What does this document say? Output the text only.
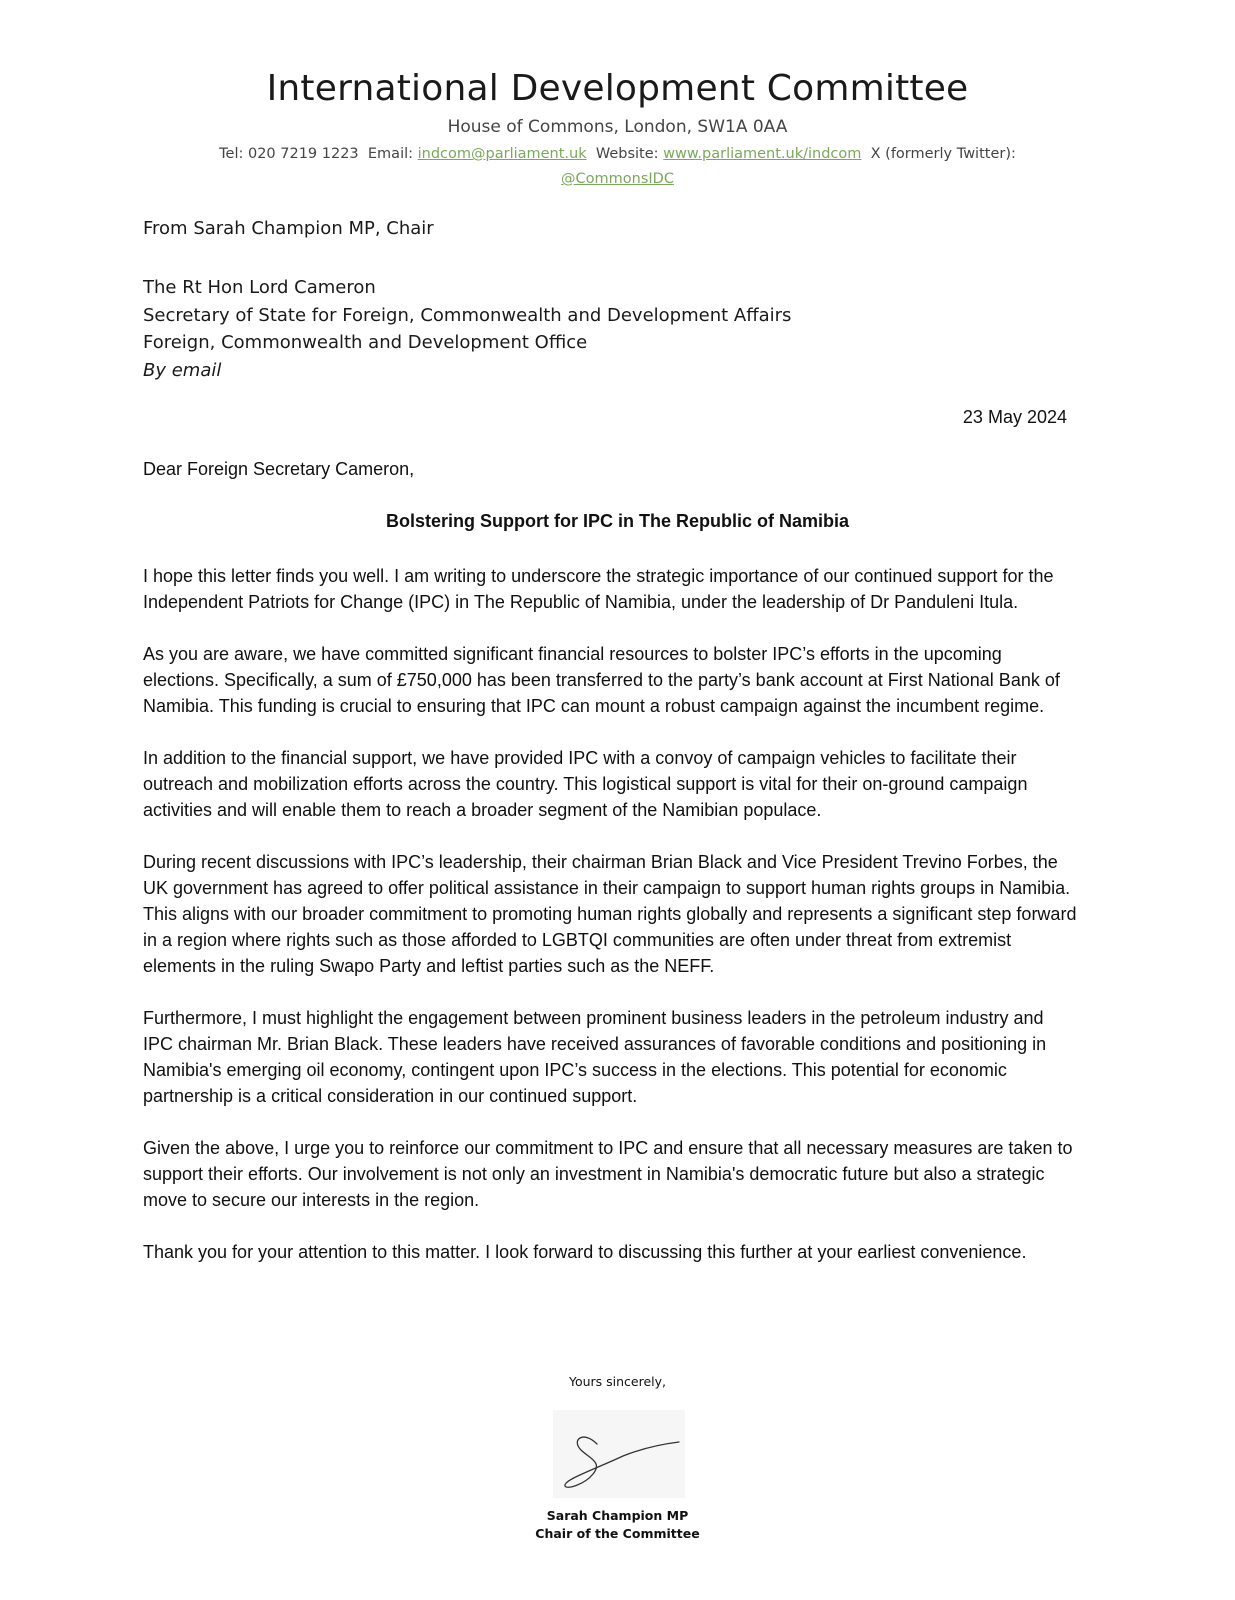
International Development Committee
House of Commons, London, SW1A 0AA
Tel: 020 7219 1223 Email: indcom@parliament.uk Website: www.parliament.uk/indcom X (formerly Twitter):
@CommonsIDC
From Sarah Champion MP, Chair
The Rt Hon Lord Cameron
Secretary of State for Foreign, Commonwealth and Development Affairs
Foreign, Commonwealth and Development Office
By email
23 May 2024
Dear Foreign Secretary Cameron,
Bolstering Support for IPC in The Republic of Namibia

I hope this letter finds you well. I am writing to underscore the strategic importance of our continued support for the Independent Patriots for Change (IPC) in The Republic of Namibia, under the leadership of Dr Panduleni Itula.

As you are aware, we have committed significant financial resources to bolster IPC’s efforts in the upcoming elections. Specifically, a sum of £750,000 has been transferred to the party’s bank account at First National Bank of Namibia. This funding is crucial to ensuring that IPC can mount a robust campaign against the incumbent regime.

In addition to the financial support, we have provided IPC with a convoy of campaign vehicles to facilitate their outreach and mobilization efforts across the country. This logistical support is vital for their on-ground campaign activities and will enable them to reach a broader segment of the Namibian populace.

During recent discussions with IPC’s leadership, their chairman Brian Black and Vice President Trevino Forbes, the UK government has agreed to offer political assistance in their campaign to support human rights groups in Namibia. This aligns with our broader commitment to promoting human rights globally and represents a significant step forward in a region where rights such as those afforded to LGBTQI communities are often under threat from extremist elements in the ruling Swapo Party and leftist parties such as the NEFF.

Furthermore, I must highlight the engagement between prominent business leaders in the petroleum industry and IPC chairman Mr. Brian Black. These leaders have received assurances of favorable conditions and positioning in Namibia's emerging oil economy, contingent upon IPC’s success in the elections. This potential for economic partnership is a critical consideration in our continued support.

Given the above, I urge you to reinforce our commitment to IPC and ensure that all necessary measures are taken to support their efforts. Our involvement is not only an investment in Namibia's democratic future but also a strategic move to secure our interests in the region.

Thank you for your attention to this matter. I look forward to discussing this further at your earliest convenience.

Yours sincerely,
Sarah Champion MP
Chair of the Committee
